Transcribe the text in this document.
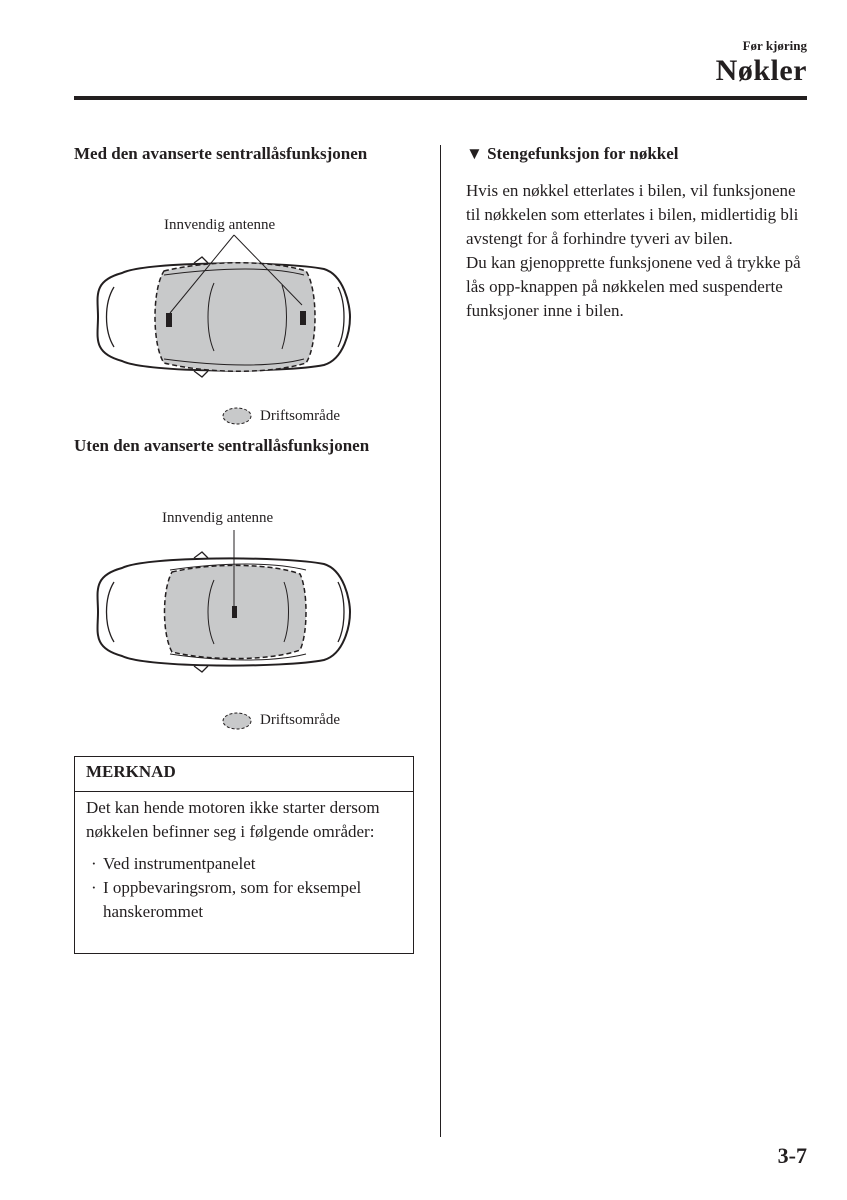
Før kjøring
Nøkler
Med den avanserte sentrallåsfunksjonen
Innvendig antenne
Driftsområde
Uten den avanserte sentrallåsfunksjonen
Innvendig antenne
Driftsområde
MERKNAD
Det kan hende motoren ikke starter dersom nøkkelen befinner seg i følgende områder:
· Ved instrumentpanelet
· I oppbevaringsrom, som for eksempel hanskerommet
▼ Stengefunksjon for nøkkel

Hvis en nøkkel etterlates i bilen, vil funksjonene til nøkkelen som etterlates i bilen, midlertidig bli avstengt for å forhindre tyveri av bilen.

Du kan gjenopprette funksjonene ved å trykke på lås opp-knappen på nøkkelen med suspenderte funksjoner inne i bilen.

3-7
